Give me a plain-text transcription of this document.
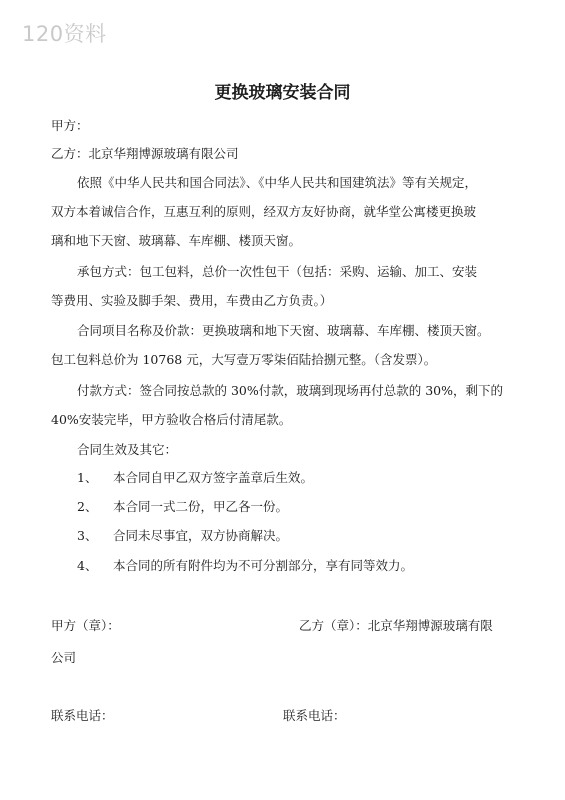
120资料
更换玻璃安装合同
甲方：
乙方：北京华翔博源玻璃有限公司
依照《中华人民共和国合同法》、《中华人民共和国建筑法》等有关规定，
双方本着诚信合作，互惠互利的原则，经双方友好协商，就华堂公寓楼更换玻
璃和地下天窗、玻璃幕、车库棚、楼顶天窗。
承包方式：包工包料，总价一次性包干（包括：采购、运输、加工、安装
等费用、实验及脚手架、费用，车费由乙方负责。）
合同项目名称及价款：更换玻璃和地下天窗、玻璃幕、车库棚、楼顶天窗。
包工包料总价为 10768 元，大写壹万零柒佰陆拾捌元整。（含发票）。
付款方式：签合同按总款的 30%付款，玻璃到现场再付总款的 30%，剩下的
40%安装完毕，甲方验收合格后付清尾款。
合同生效及其它：
1、 本合同自甲乙双方签字盖章后生效。
2、 本合同一式二份，甲乙各一份。
3、 合同未尽事宜，双方协商解决。
4、 本合同的所有附件均为不可分割部分，享有同等效力。
甲方（章）：	乙方（章）：北京华翔博源玻璃有限
公司
联系电话：	联系电话：
